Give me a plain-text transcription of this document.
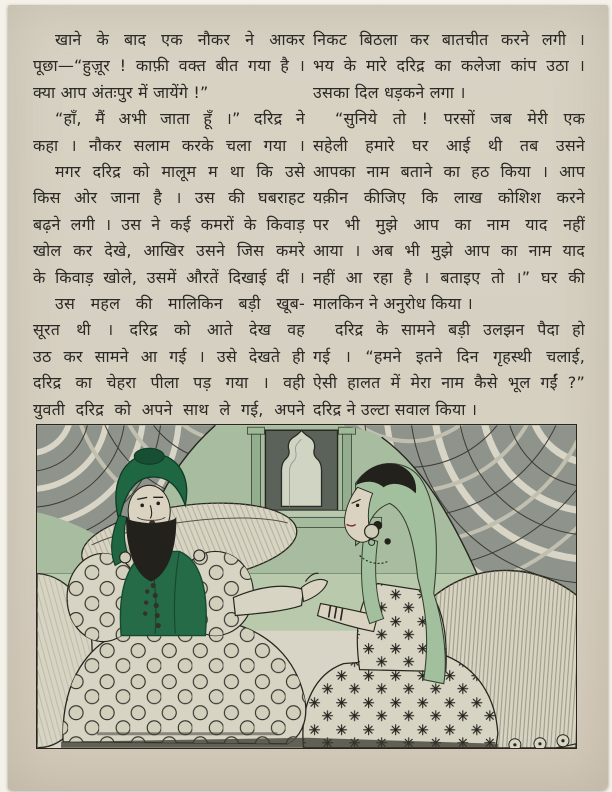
खाने के बाद एक नौकर ने आकर
पूछा—“हुज़ूर ! काफ़ी वक्त बीत गया है ।
क्या आप अंतःपुर में जायेंगे !”
“हाँ, मैं अभी जाता हूँ ।” दरिद्र ने
कहा । नौकर सलाम करके चला गया ।
मगर दरिद्र को मालूम म था कि उसे
किस ओर जाना है । उस की घबराहट
बढ़ने लगी । उस ने कई कमरों के किवाड़
खोल कर देखे, आखिर उसने जिस कमरे
के किवाड़ खोले, उसमें औरतें दिखाई दीं ।
उस महल की मालिकिन बड़ी खूब-
सूरत थी । दरिद्र को आते देख वह
उठ कर सामने आ गई । उसे देखते ही
दरिद्र का चेहरा पीला पड़ गया । वही
युवती दरिद्र को अपने साथ ले गई, अपने
निकट बिठला कर बातचीत करने लगी ।
भय के मारे दरिद्र का कलेजा कांप उठा ।
उसका दिल धड़कने लगा ।
“सुनिये तो ! परसों जब मेरी एक
सहेली हमारे घर आई थी तब उसने
आपका नाम बताने का हठ किया । आप
यक़ीन कीजिए कि लाख कोशिश करने
पर भी मुझे आप का नाम याद नहीं
आया । अब भी मुझे आप का नाम याद
नहीं आ रहा है । बताइए तो ।” घर की
मालकिन ने अनुरोध किया ।
दरिद्र के सामने बड़ी उलझन पैदा हो
गई । “हमने इतने दिन गृहस्थी चलाई,
ऐसी हालत में मेरा नाम कैसे भूल गईं ?”
दरिद्र ने उल्टा सवाल किया ।
